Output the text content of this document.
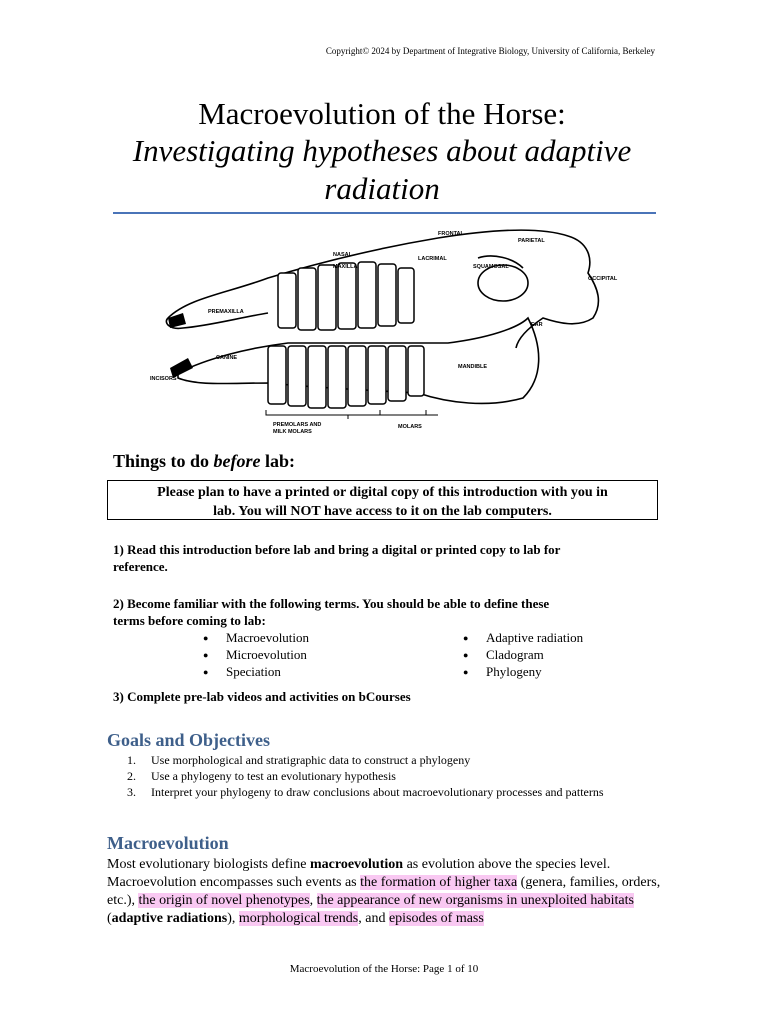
Copyright© 2024 by Department of Integrative Biology, University of California, Berkeley
Macroevolution of the Horse:
Investigating hypotheses about adaptive
radiation
FRONTAL
PARIETAL
NASAL
LACRIMAL
MAXILLA	SQUAMOSAL
OCCIPITAL
PREMAXILLA
EAR
CANINE
INCISORS
MANDIBLE
PREMOLARS AND
MILK MOLARS
MOLARS
Things to do before lab:
Please plan to have a printed or digital copy of this introduction with you in
lab. You will NOT have access to it on the lab computers.
1) Read this introduction before lab and bring a digital or printed copy to lab for
reference.
2) Become familiar with the following terms. You should be able to define these
terms before coming to lab:
● Macroevolution
● Microevolution
● Speciation
● Adaptive radiation
● Cladogram
● Phylogeny
3) Complete pre-lab videos and activities on bCourses
Goals and Objectives
1.	Use morphological and stratigraphic data to construct a phylogeny
2.	Use a phylogeny to test an evolutionary hypothesis
3.	Interpret your phylogeny to draw conclusions about macroevolutionary processes and patterns
Macroevolution
Most evolutionary biologists define macroevolution as evolution above the species level. Macroevolution encompasses such events as the formation of higher taxa (genera, families, orders, etc.), the origin of novel phenotypes, the appearance of new organisms in unexploited habitats (adaptive radiations), morphological trends, and episodes of mass
Macroevolution of the Horse: Page 1 of 10
